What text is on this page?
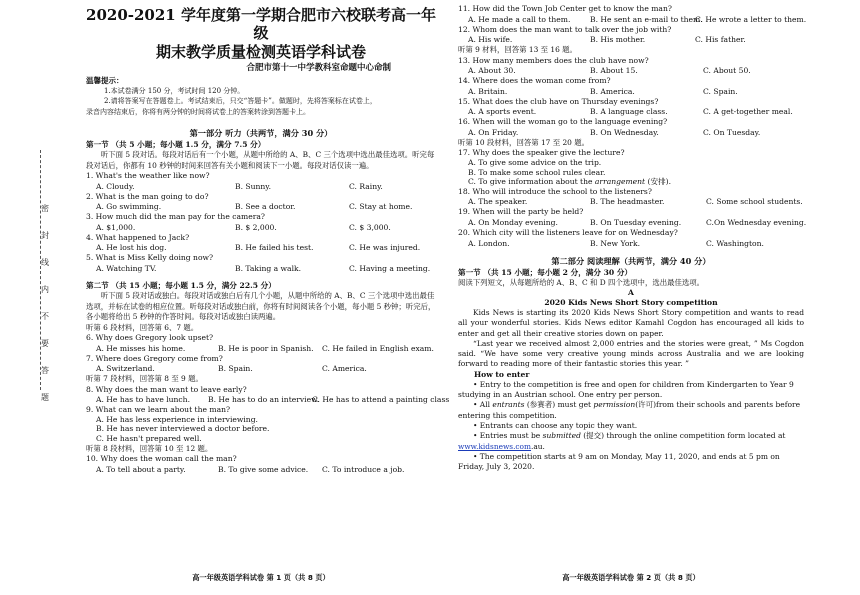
密
封
线
内
不
要
答
题
2020-2021 学年度第一学期合肥市六校联考高一年级
期末教学质量检测英语学科试卷
合肥市第十一中学教科室命题中心命制
温馨提示：
1.本试卷满分 150 分，考试时间 120 分钟。
2.请将答案写在答题卷上。考试结束后，只交“答题卡”。做题时，先将答案标在试卷上，
录音内容结束后，你将有两分钟的时间将试卷上的答案转涂到答题卡上。
第一部分 听力（共两节，满分 30 分）
第一节 （共 5 小题；每小题 1.5 分，满分 7.5 分）
听下面 5 段对话。每段对话后有一个小题，从题中所给的 A、B、C 三个选项中选出最佳选项。听完每段对话后，你都有 10 秒钟的时间来回答有关小题和阅读下一小题。每段对话仅读一遍。
1. What's the weather like now?
A. Cloudy.	B. Sunny.	C. Rainy.
2. What is the man going to do?
A. Go swimming.	B. See a doctor.	C. Stay at home.
3. How much did the man pay for the camera?
A. $1,000.	B. $ 2,000.	C. $ 3,000.
4. What happened to Jack?
A. He lost his dog.	B. He failed his test.	C. He was injured.
5. What is Miss Kelly doing now?
A. Watching TV.	B. Taking a walk.	C. Having a meeting.
第二节 （共 15 小题；每小题 1.5 分，满分 22.5 分）
听下面 5 段对话或独白。每段对话或独白后有几个小题，从题中所给的 A、B、C 三个选项中选出最佳选项，并标在试卷的相应位置。听每段对话或独白前，你将有时间阅读各个小题，每小题 5 秒钟；听完后，各小题将给出 5 秒钟的作答时间。每段对话或独白读两遍。
听第 6 段材料，回答第 6、7 题。
6. Why does Gregory look upset?
A. He misses his home.	B. He is poor in Spanish. C. He failed in English exam.
7. Where does Gregory come from?
A. Switzerland.	B. Spain.	C. America.
听第 7 段材料，回答第 8 至 9 题。
8. Why does the man want to leave early?
A. He has to have lunch. B. He has to do an interview.
C. He has to attend a painting class
9. What can we learn about the man?
A. He has less experience in interviewing.
B. He has never interviewed a doctor before.
C. He hasn't prepared well.
听第 8 段材料，回答第 10 至 12 题。
10. Why does the woman call the man?
A. To tell about a party.	B. To give some advice. C. To introduce a job.
高一年级英语学科试卷 第 1 页（共 8 页）
11. How did the Town Job Center get to know the man?
A. He made a call to them.	B. He sent an e-mail to them.
C. He wrote a letter to them.
12. Whom does the man want to talk over the job with?
A. His wife.	B. His mother.	C. His father.
听第 9 材料，回答第 13 至 16 题。
13. How many members does the club have now?
A. About 30.	B. About 15.	C. About 50.
14. Where does the woman come from?
A. Britain.	B. America.	C. Spain.
15. What does the club have on Thursday evenings?
A. A sports event.	B. A language class.	C. A get-together meal.
16. When will the woman go to the language evening?
A. On Friday.	B. On Wednesday.	C. On Tuesday.
听第 10 段材料，回答第 17 至 20 题。
17. Why does the speaker give the lecture?
A. To give some advice on the trip.
B. To make some school rules clear.
C. To give information about the arrangement (安排).
18. Who will introduce the school to the listeners?
A. The speaker.	B. The headmaster.	C. Some school students.
19. When will the party be held?
A. On Monday evening.	B. On Tuesday evening.	C.On Wednesday evening.
20. Which city will the listeners leave for on Wednesday?
A. London.	B. New York.	C. Washington.
第二部分 阅读理解（共两节，满分 40 分）
第一节 （共 15 小题；每小题 2 分，满分 30 分）
阅读下列短文，从每题所给的 A、B、C 和 D 四个选项中，选出最佳选项。
A
2020 Kids News Short Story competition
Kids News is starting its 2020 Kids News Short Story competition and wants to read all your wonderful stories. Kids News editor Kamahl Cogdon has encouraged all kids to enter and get all their creative stories down on paper.
“Last year we received almost 2,000 entries and the stories were great, ” Ms Cogdon said. “We have some very creative young minds across Australia and we are looking forward to reading more of their fantastic stories this year. ”
How to enter
• Entry to the competition is free and open for children from Kindergarten to Year 9 studying in an Austrian school. One entry per person.
• All entrants (参赛者) must get permission(许可)from their schools and parents before entering this competition.
• Entrants can choose any topic they want.
• Entries must be submitted (提交) through the online competition form located at
www.kidsnews.com.au.
• The competition starts at 9 am on Monday, May 11, 2020, and ends at 5 pm on Friday, July 3, 2020.
高一年级英语学科试卷 第 2 页（共 8 页）
